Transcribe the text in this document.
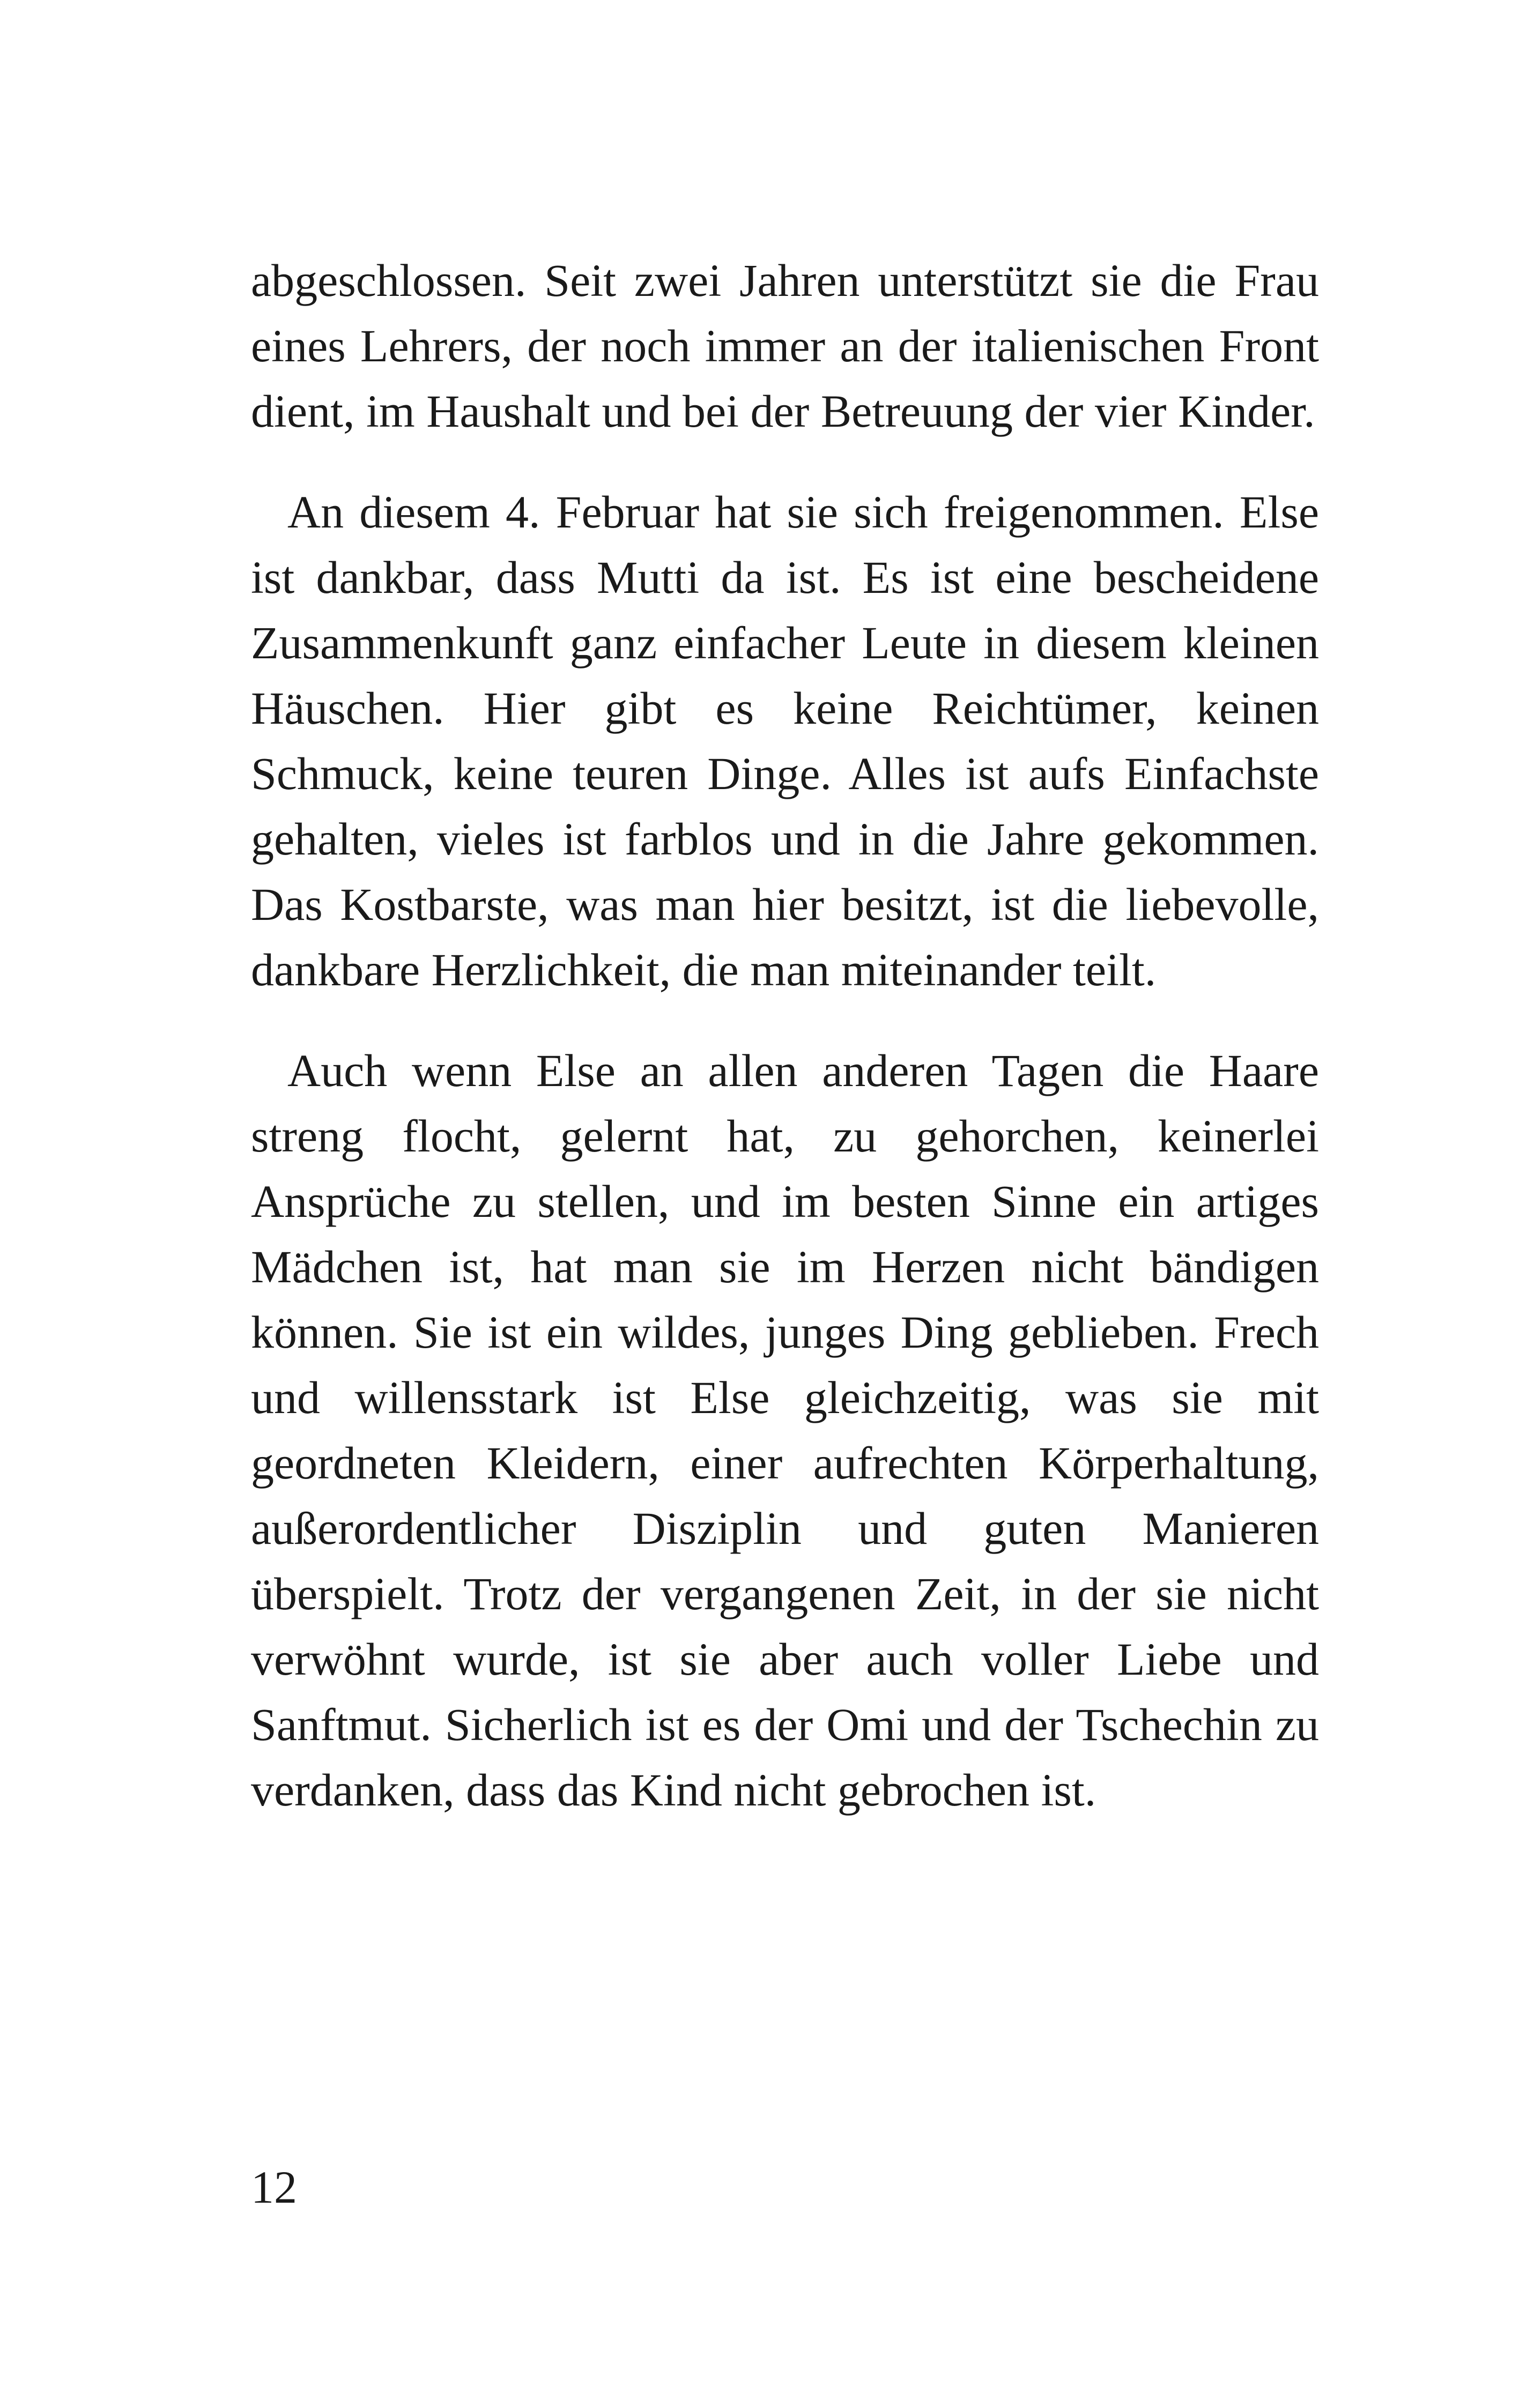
abgeschlossen. Seit zwei Jahren unterstützt sie die Frau eines Lehrers, der noch immer an der italienischen Front dient, im Haushalt und bei der Betreuung der vier Kinder.

An diesem 4. Februar hat sie sich freigenommen. Else ist dankbar, dass Mutti da ist. Es ist eine bescheidene Zusammenkunft ganz einfacher Leute in diesem kleinen Häuschen. Hier gibt es keine Reichtümer, keinen Schmuck, keine teuren Dinge. Alles ist aufs Einfachste gehalten, vieles ist farblos und in die Jahre gekommen. Das Kostbarste, was man hier besitzt, ist die liebevolle, dankbare Herzlichkeit, die man miteinander teilt.

Auch wenn Else an allen anderen Tagen die Haare streng flocht, gelernt hat, zu gehorchen, keinerlei Ansprüche zu stellen, und im besten Sinne ein artiges Mädchen ist, hat man sie im Herzen nicht bändigen können. Sie ist ein wildes, junges Ding geblieben. Frech und willensstark ist Else gleichzeitig, was sie mit geordneten Kleidern, einer aufrechten Körperhaltung, außerordentlicher Disziplin und guten Manieren überspielt. Trotz der vergangenen Zeit, in der sie nicht verwöhnt wurde, ist sie aber auch voller Liebe und Sanftmut. Sicherlich ist es der Omi und der Tschechin zu verdanken, dass das Kind nicht gebrochen ist.

12
